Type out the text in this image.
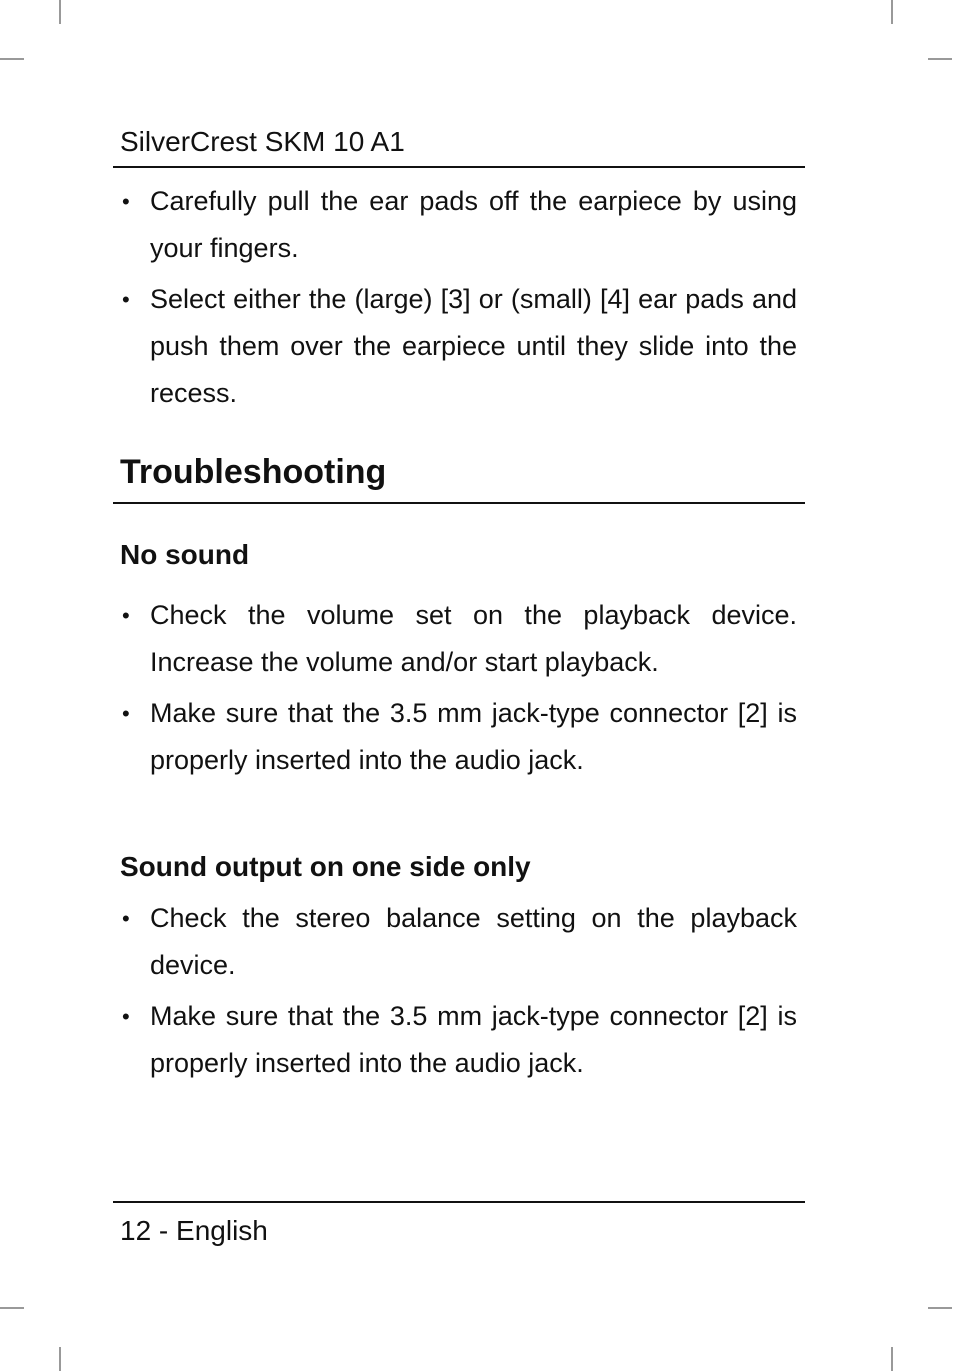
SilverCrest SKM 10 A1
• Carefully pull the ear pads off the earpiece by using your fingers.
• Select either the (large) [3] or (small) [4] ear pads and push them over the earpiece until they slide into the recess.
Troubleshooting
No sound
• Check the volume set on the playback device. Increase the volume and/or start playback.
• Make sure that the 3.5 mm jack-type connector [2] is properly inserted into the audio jack.
Sound output on one side only
• Check the stereo balance setting on the playback device.
• Make sure that the 3.5 mm jack-type connector [2] is properly inserted into the audio jack.
12 - English
